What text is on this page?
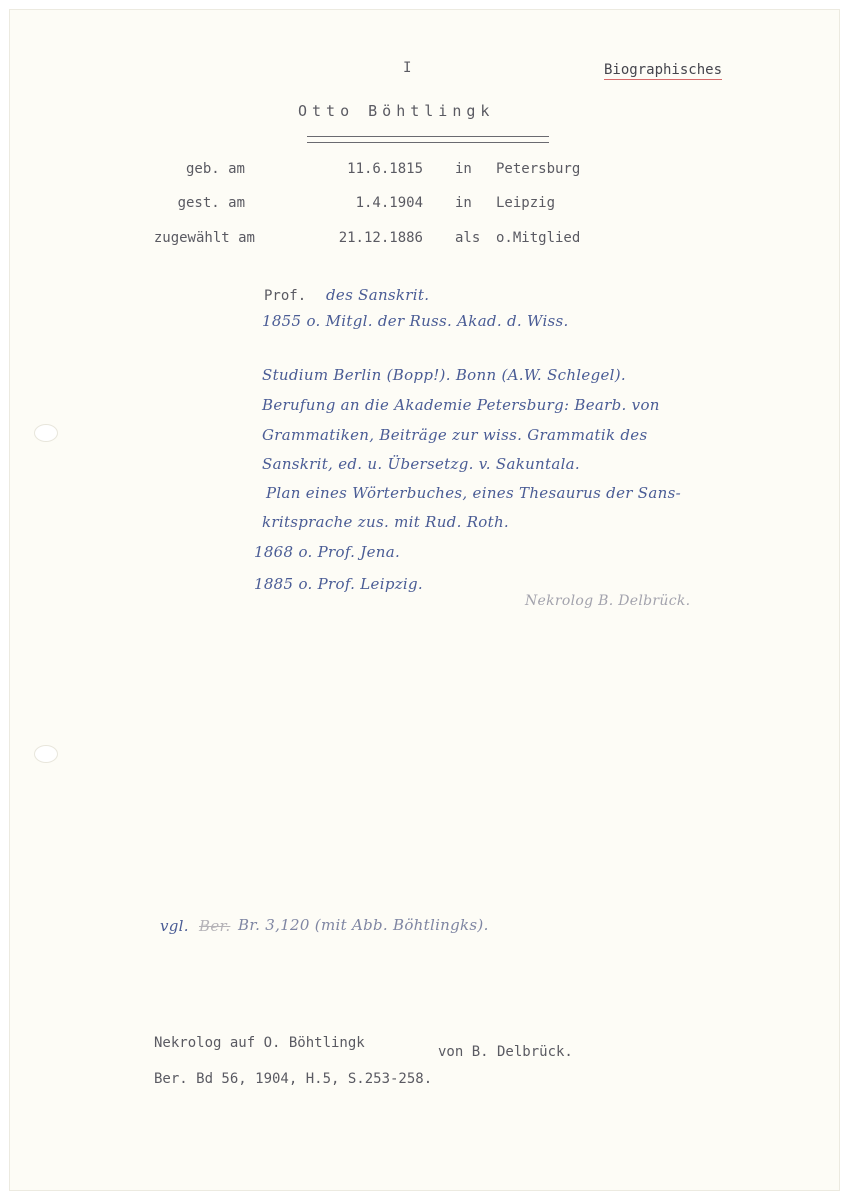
I	Biographisches
Otto Böhtlingk
geb. am	11.6.1815 in Petersburg
gest. am	1.4.1904 in Leipzig
zugewählt am	21.12.1886 als o.Mitglied
Prof. des Sanskrit.
1855 o. Mitgl. der Russ. Akad. d. Wiss.
Studium Berlin (Bopp!). Bonn (A.W. Schlegel).
Berufung an die Akademie Petersburg: Bearb. von
Grammatiken, Beiträge zur wiss. Grammatik des
Sanskrit, ed. u. Übersetzg. v. Sakuntala.
Plan eines Wörterbuches, eines Thesaurus der Sans-
kritsprache zus. mit Rud. Roth.
1868 o. Prof. Jena.
1885 o. Prof. Leipzig.
Nekrolog B. Delbrück.
vgl. Ber. Br. 3,120 (mit Abb. Böhtlingks).
Nekrolog auf O. Böhtlingk
von B. Delbrück.
Ber. Bd 56, 1904, H.5, S.253-258.
